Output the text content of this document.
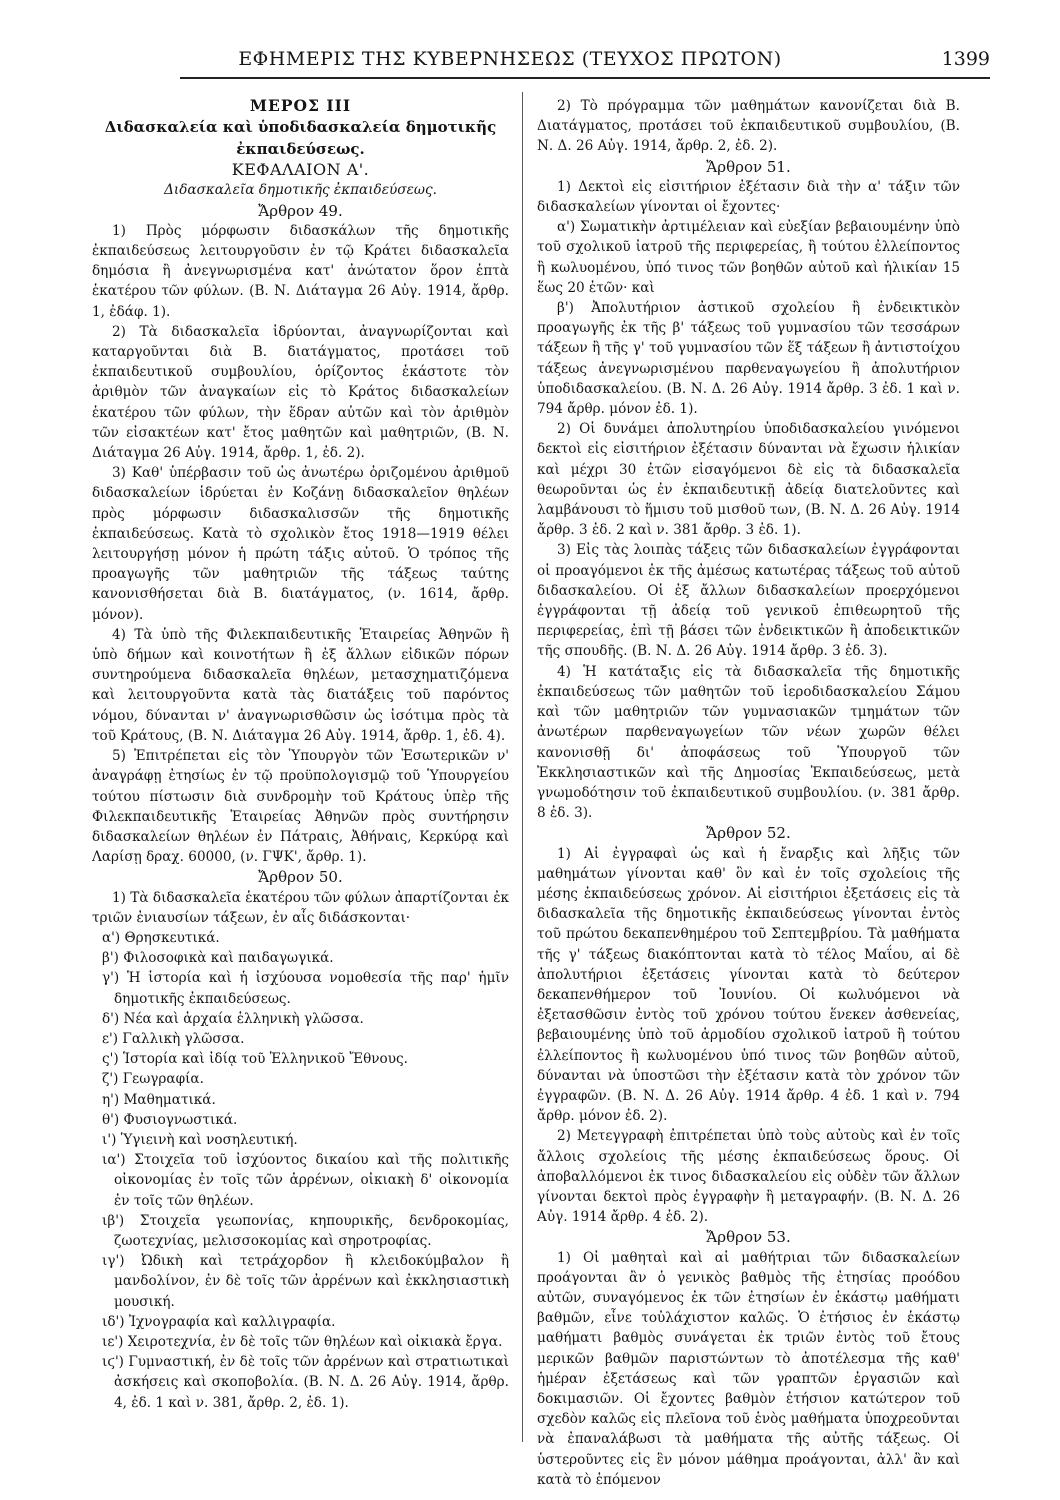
ΕΦΗΜΕΡΙΣ ΤΗΣ ΚΥΒΕΡΝΗΣΕΩΣ (ΤΕΥΧΟΣ ΠΡΩΤΟΝ)	1399

ΜΕΡΟΣ III

Διδασκαλεία καὶ ὑποδιδασκαλεία δημοτικῆς ἐκπαιδεύσεως.

ΚΕΦΑΛΑΙΟΝ Α'.

Διδασκαλεῖα δημοτικῆς ἐκπαιδεύσεως.

Ἄρθρον 49.

1) Πρὸς μόρφωσιν διδασκάλων τῆς δημοτικῆς ἐκπαιδεύσεως λειτουργοῦσιν ἐν τῷ Κράτει διδασκαλεῖα δημόσια ἢ ἀνεγνωρισμένα κατ' ἀνώτατον ὅρον ἑπτὰ ἑκατέρου τῶν φύλων. (Β. Ν. Διάταγμα 26 Αὐγ. 1914, ἄρθρ. 1, ἐδάφ. 1).

2) Τὰ διδασκαλεῖα ἱδρύονται, ἀναγνωρίζονται καὶ καταργοῦνται διὰ Β. διατάγματος, προτάσει τοῦ ἐκπαιδευτικοῦ συμβουλίου, ὁρίζοντος ἑκάστοτε τὸν ἀριθμὸν τῶν ἀναγκαίων εἰς τὸ Κράτος διδασκαλείων ἑκατέρου τῶν φύλων, τὴν ἕδραν αὐτῶν καὶ τὸν ἀριθμὸν τῶν εἰσακτέων κατ' ἔτος μαθητῶν καὶ μαθητριῶν, (Β. Ν. Διάταγμα 26 Αὐγ. 1914, ἄρθρ. 1, ἐδ. 2).

3) Καθ' ὑπέρβασιν τοῦ ὡς ἀνωτέρω ὁριζομένου ἀριθμοῦ διδασκαλείων ἱδρύεται ἐν Κοζάνῃ διδασκαλεῖον θηλέων πρὸς μόρφωσιν διδασκαλισσῶν τῆς δημοτικῆς ἐκπαιδεύσεως. Κατὰ τὸ σχολικὸν ἔτος 1918—1919 θέλει λειτουργήσῃ μόνον ἡ πρώτη τάξις αὐτοῦ. Ὁ τρόπος τῆς προαγωγῆς τῶν μαθητριῶν τῆς τάξεως ταύτης κανονισθήσεται διὰ Β. διατάγματος, (ν. 1614, ἄρθρ. μόνον).

4) Τὰ ὑπὸ τῆς Φιλεκπαιδευτικῆς Ἑταιρείας Ἀθηνῶν ἢ ὑπὸ δήμων καὶ κοινοτήτων ἢ ἐξ ἄλλων εἰδικῶν πόρων συντηρούμενα διδασκαλεῖα θηλέων, μετασχηματιζόμενα καὶ λειτουργοῦντα κατὰ τὰς διατάξεις τοῦ παρόντος νόμου, δύνανται ν' ἀναγνωρισθῶσιν ὡς ἰσότιμα πρὸς τὰ τοῦ Κράτους, (Β. Ν. Διάταγμα 26 Αὐγ. 1914, ἄρθρ. 1, ἐδ. 4).

5) Ἐπιτρέπεται εἰς τὸν Ὑπουργὸν τῶν Ἐσωτερικῶν ν' ἀναγράφῃ ἐτησίως ἐν τῷ προϋπολογισμῷ τοῦ Ὑπουργείου τούτου πίστωσιν διὰ συνδρομὴν τοῦ Κράτους ὑπὲρ τῆς Φιλεκπαιδευτικῆς Ἑταιρείας Ἀθηνῶν πρὸς συντήρησιν διδασκαλείων θηλέων ἐν Πάτραις, Ἀθήναις, Κερκύρᾳ καὶ Λαρίσῃ δραχ. 60000, (ν. ΓΨΚ', ἄρθρ. 1).

Ἄρθρον 50.

1) Τὰ διδασκαλεῖα ἑκατέρου τῶν φύλων ἀπαρτίζονται ἐκ τριῶν ἐνιαυσίων τάξεων, ἐν αἷς διδάσκονται·

α') Θρησκευτικά.

β') Φιλοσοφικὰ καὶ παιδαγωγικά.

γ') Ἡ ἱστορία καὶ ἡ ἰσχύουσα νομοθεσία τῆς παρ' ἡμῖν δημοτικῆς ἐκπαιδεύσεως.

δ') Νέα καὶ ἀρχαία ἑλληνικὴ γλῶσσα.

ε') Γαλλικὴ γλῶσσα.

ς') Ἱστορία καὶ ἰδίᾳ τοῦ Ἑλληνικοῦ Ἔθνους.

ζ') Γεωγραφία.

η') Μαθηματικά.

θ') Φυσιογνωστικά.

ι') Ὑγιεινὴ καὶ νοσηλευτική.

ια') Στοιχεῖα τοῦ ἰσχύοντος δικαίου καὶ τῆς πολιτικῆς οἰκονομίας ἐν τοῖς τῶν ἀρρένων, οἰκιακὴ δ' οἰκονομία ἐν τοῖς τῶν θηλέων.

ιβ') Στοιχεῖα γεωπονίας, κηπουρικῆς, δενδροκομίας, ζωοτεχνίας, μελισσοκομίας καὶ σηροτροφίας.

ιγ') Ὠδικὴ καὶ τετράχορδον ἢ κλειδοκύμβαλον ἢ μανδολίνον, ἐν δὲ τοῖς τῶν ἀρρένων καὶ ἐκκλησιαστικὴ μουσική.

ιδ') Ἰχνογραφία καὶ καλλιγραφία.

ιε') Χειροτεχνία, ἐν δὲ τοῖς τῶν θηλέων καὶ οἰκιακὰ ἔργα.

ιϛ') Γυμναστική, ἐν δὲ τοῖς τῶν ἀρρένων καὶ στρατιωτικαὶ ἀσκήσεις καὶ σκοποβολία. (Β. Ν. Δ. 26 Αὐγ. 1914, ἄρθρ. 4, ἐδ. 1 καὶ ν. 381, ἄρθρ. 2, ἐδ. 1).

2) Τὸ πρόγραμμα τῶν μαθημάτων κανονίζεται διὰ Β. Διατάγματος, προτάσει τοῦ ἐκπαιδευτικοῦ συμβουλίου, (Β. Ν. Δ. 26 Αὐγ. 1914, ἄρθρ. 2, ἐδ. 2).

Ἄρθρον 51.

1) Δεκτοὶ εἰς εἰσιτήριον ἐξέτασιν διὰ τὴν α' τάξιν τῶν διδασκαλείων γίνονται οἱ ἔχοντες·

α') Σωματικὴν ἀρτιμέλειαν καὶ εὐεξίαν βεβαιουμένην ὑπὸ τοῦ σχολικοῦ ἰατροῦ τῆς περιφερείας, ἢ τούτου ἐλλείποντος ἢ κωλυομένου, ὑπό τινος τῶν βοηθῶν αὐτοῦ καὶ ἡλικίαν 15 ἕως 20 ἐτῶν· καὶ

β') Ἀπολυτήριον ἀστικοῦ σχολείου ἢ ἐνδεικτικὸν προαγωγῆς ἐκ τῆς β' τάξεως τοῦ γυμνασίου τῶν τεσσάρων τάξεων ἢ τῆς γ' τοῦ γυμνασίου τῶν ἕξ τάξεων ἢ ἀντιστοίχου τάξεως ἀνεγνωρισμένου παρθεναγωγείου ἢ ἀπολυτήριον ὑποδιδασκαλείου. (Β. Ν. Δ. 26 Αὐγ. 1914 ἄρθρ. 3 ἐδ. 1 καὶ ν. 794 ἄρθρ. μόνον ἐδ. 1).

2) Οἱ δυνάμει ἀπολυτηρίου ὑποδιδασκαλείου γινόμενοι δεκτοὶ εἰς εἰσιτήριον ἐξέτασιν δύνανται νὰ ἔχωσιν ἡλικίαν καὶ μέχρι 30 ἐτῶν εἰσαγόμενοι δὲ εἰς τὰ διδασκαλεῖα θεωροῦνται ὡς ἐν ἐκπαιδευτικῇ ἀδείᾳ διατελοῦντες καὶ λαμβάνουσι τὸ ἥμισυ τοῦ μισθοῦ των, (Β. Ν. Δ. 26 Αὐγ. 1914 ἄρθρ. 3 ἐδ. 2 καὶ ν. 381 ἄρθρ. 3 ἐδ. 1).

3) Εἰς τὰς λοιπὰς τάξεις τῶν διδασκαλείων ἐγγράφονται οἱ προαγόμενοι ἐκ τῆς ἀμέσως κατωτέρας τάξεως τοῦ αὐτοῦ διδασκαλείου. Οἱ ἐξ ἄλλων διδασκαλείων προερχόμενοι ἐγγράφονται τῇ ἀδείᾳ τοῦ γενικοῦ ἐπιθεωρητοῦ τῆς περιφερείας, ἐπὶ τῇ βάσει τῶν ἐνδεικτικῶν ἢ ἀποδεικτικῶν τῆς σπουδῆς. (Β. Ν. Δ. 26 Αὐγ. 1914 ἄρθρ. 3 ἐδ. 3).

4) Ἡ κατάταξις εἰς τὰ διδασκαλεῖα τῆς δημοτικῆς ἐκπαιδεύσεως τῶν μαθητῶν τοῦ ἱεροδιδασκαλείου Σάμου καὶ τῶν μαθητριῶν τῶν γυμνασιακῶν τμημάτων τῶν ἀνωτέρων παρθεναγωγείων τῶν νέων χωρῶν θέλει κανονισθῇ δι' ἀποφάσεως τοῦ Ὑπουργοῦ τῶν Ἐκκλησιαστικῶν καὶ τῆς Δημοσίας Ἐκπαιδεύσεως, μετὰ γνωμοδότησιν τοῦ ἐκπαιδευτικοῦ συμβουλίου. (ν. 381 ἄρθρ. 8 ἐδ. 3).

Ἄρθρον 52.

1) Αἱ ἐγγραφαὶ ὡς καὶ ἡ ἔναρξις καὶ λῆξις τῶν μαθημάτων γίνονται καθ' ὃν καὶ ἐν τοῖς σχολείοις τῆς μέσης ἐκπαιδεύσεως χρόνον. Αἱ εἰσιτήριοι ἐξετάσεις εἰς τὰ διδασκαλεῖα τῆς δημοτικῆς ἐκπαιδεύσεως γίνονται ἐντὸς τοῦ πρώτου δεκαπενθημέρου τοῦ Σεπτεμβρίου. Τὰ μαθήματα τῆς γ' τάξεως διακόπτονται κατὰ τὸ τέλος Μαΐου, αἱ δὲ ἀπολυτήριοι ἐξετάσεις γίνονται κατὰ τὸ δεύτερον δεκαπενθήμερον τοῦ Ἰουνίου. Οἱ κωλυόμενοι νὰ ἐξετασθῶσιν ἐντὸς τοῦ χρόνου τούτου ἕνεκεν ἀσθενείας, βεβαιουμένης ὑπὸ τοῦ ἁρμοδίου σχολικοῦ ἰατροῦ ἢ τούτου ἐλλείποντος ἢ κωλυομένου ὑπό τινος τῶν βοηθῶν αὐτοῦ, δύνανται νὰ ὑποστῶσι τὴν ἐξέτασιν κατὰ τὸν χρόνον τῶν ἐγγραφῶν. (Β. Ν. Δ. 26 Αὐγ. 1914 ἄρθρ. 4 ἐδ. 1 καὶ ν. 794 ἄρθρ. μόνον ἐδ. 2).

2) Μετεγγραφὴ ἐπιτρέπεται ὑπὸ τοὺς αὐτοὺς καὶ ἐν τοῖς ἄλλοις σχολείοις τῆς μέσης ἐκπαιδεύσεως ὅρους. Οἱ ἀποβαλλόμενοι ἐκ τινος διδασκαλείου εἰς οὐδὲν τῶν ἄλλων γίνονται δεκτοὶ πρὸς ἐγγραφὴν ἢ μεταγραφήν. (Β. Ν. Δ. 26 Αὐγ. 1914 ἄρθρ. 4 ἐδ. 2).

Ἄρθρον 53.

1) Οἱ μαθηταὶ καὶ αἱ μαθήτριαι τῶν διδασκαλείων προάγονται ἂν ὁ γενικὸς βαθμὸς τῆς ἐτησίας προόδου αὐτῶν, συναγόμενος ἐκ τῶν ἐτησίων ἐν ἑκάστῳ μαθήματι βαθμῶν, εἶνε τοὐλάχιστον καλῶς. Ὁ ἐτήσιος ἐν ἑκάστῳ μαθήματι βαθμὸς συνάγεται ἐκ τριῶν ἐντὸς τοῦ ἔτους μερικῶν βαθμῶν παριστώντων τὸ ἀποτέλεσμα τῆς καθ' ἡμέραν ἐξετάσεως καὶ τῶν γραπτῶν ἐργασιῶν καὶ δοκιμασιῶν. Οἱ ἔχοντες βαθμὸν ἐτήσιον κατώτερον τοῦ σχεδὸν καλῶς εἰς πλεῖονα τοῦ ἑνὸς μαθήματα ὑποχρεοῦνται νὰ ἐπαναλάβωσι τὰ μαθήματα τῆς αὐτῆς τάξεως. Οἱ ὑστεροῦντες εἰς ἓν μόνον μάθημα προάγονται, ἀλλ' ἂν καὶ κατὰ τὸ ἑπόμενον
